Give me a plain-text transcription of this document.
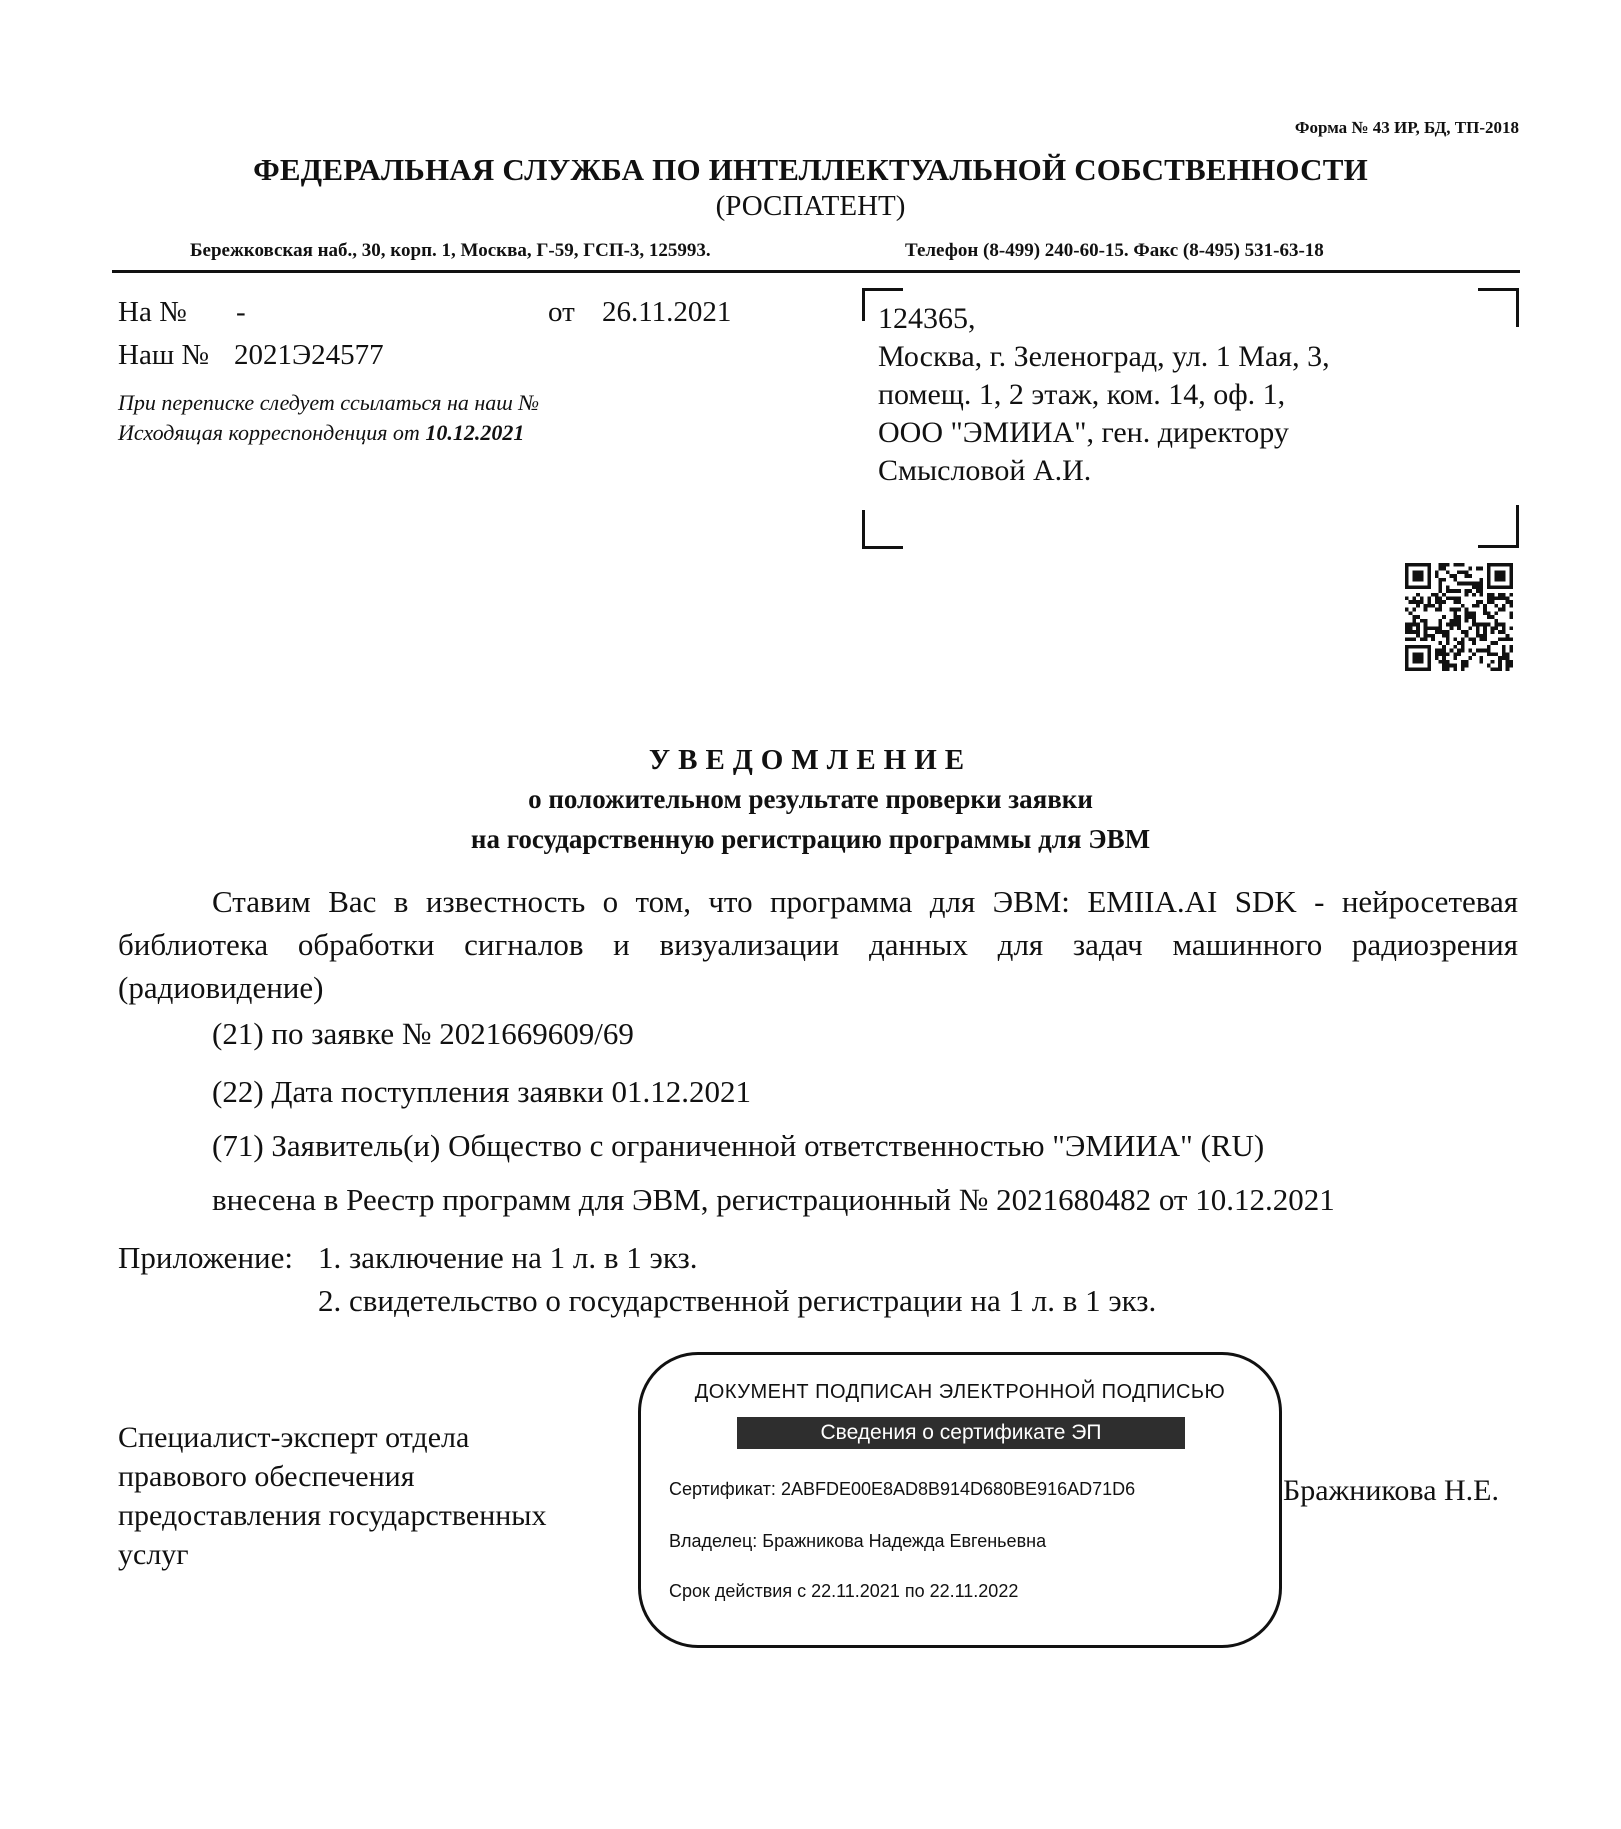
Форма № 43 ИР, БД, ТП-2018
ФЕДЕРАЛЬНАЯ СЛУЖБА ПО ИНТЕЛЛЕКТУАЛЬНОЙ СОБСТВЕННОСТИ
(РОСПАТЕНТ)
Бережковская наб., 30, корп. 1, Москва, Г-59, ГСП-3, 125993.	Телефон (8-499) 240-60-15. Факс (8-495) 531-63-18
На № -	от 26.11.2021
Наш № 2021Э24577
При переписке следует ссылаться на наш №
Исходящая корреспонденция от 10.12.2021
124365,
Москва, г. Зеленоград, ул. 1 Мая, 3,
помещ. 1, 2 этаж, ком. 14, оф. 1,
ООО "ЭМИИА", ген. директору
Смысловой А.И.
УВЕДОМЛЕНИЕ
о положительном результате проверки заявки
на государственную регистрацию программы для ЭВМ
Ставим Вас в известность о том, что программа для ЭВМ: EMIIA.AI SDK - нейросетевая библиотека обработки сигналов и визуализации данных для задач машинного радиозрения (радиовидение)
(21) по заявке № 2021669609/69
(22) Дата поступления заявки 01.12.2021
(71) Заявитель(и) Общество с ограниченной ответственностью "ЭМИИА" (RU)
внесена в Реестр программ для ЭВМ, регистрационный № 2021680482 от 10.12.2021
Приложение: 1. заключение на 1 л. в 1 экз.
2. свидетельство о государственной регистрации на 1 л. в 1 экз.
Специалист-эксперт отдела
правового обеспечения
предоставления государственных
услуг
Бражникова Н.Е.
ДОКУМЕНТ ПОДПИСАН ЭЛЕКТРОННОЙ ПОДПИСЬЮ
Сведения о сертификате ЭП
Сертификат: 2ABFDE00E8AD8B914D680BE916AD71D6
Владелец: Бражникова Надежда Евгеньевна
Срок действия с 22.11.2021 по 22.11.2022
